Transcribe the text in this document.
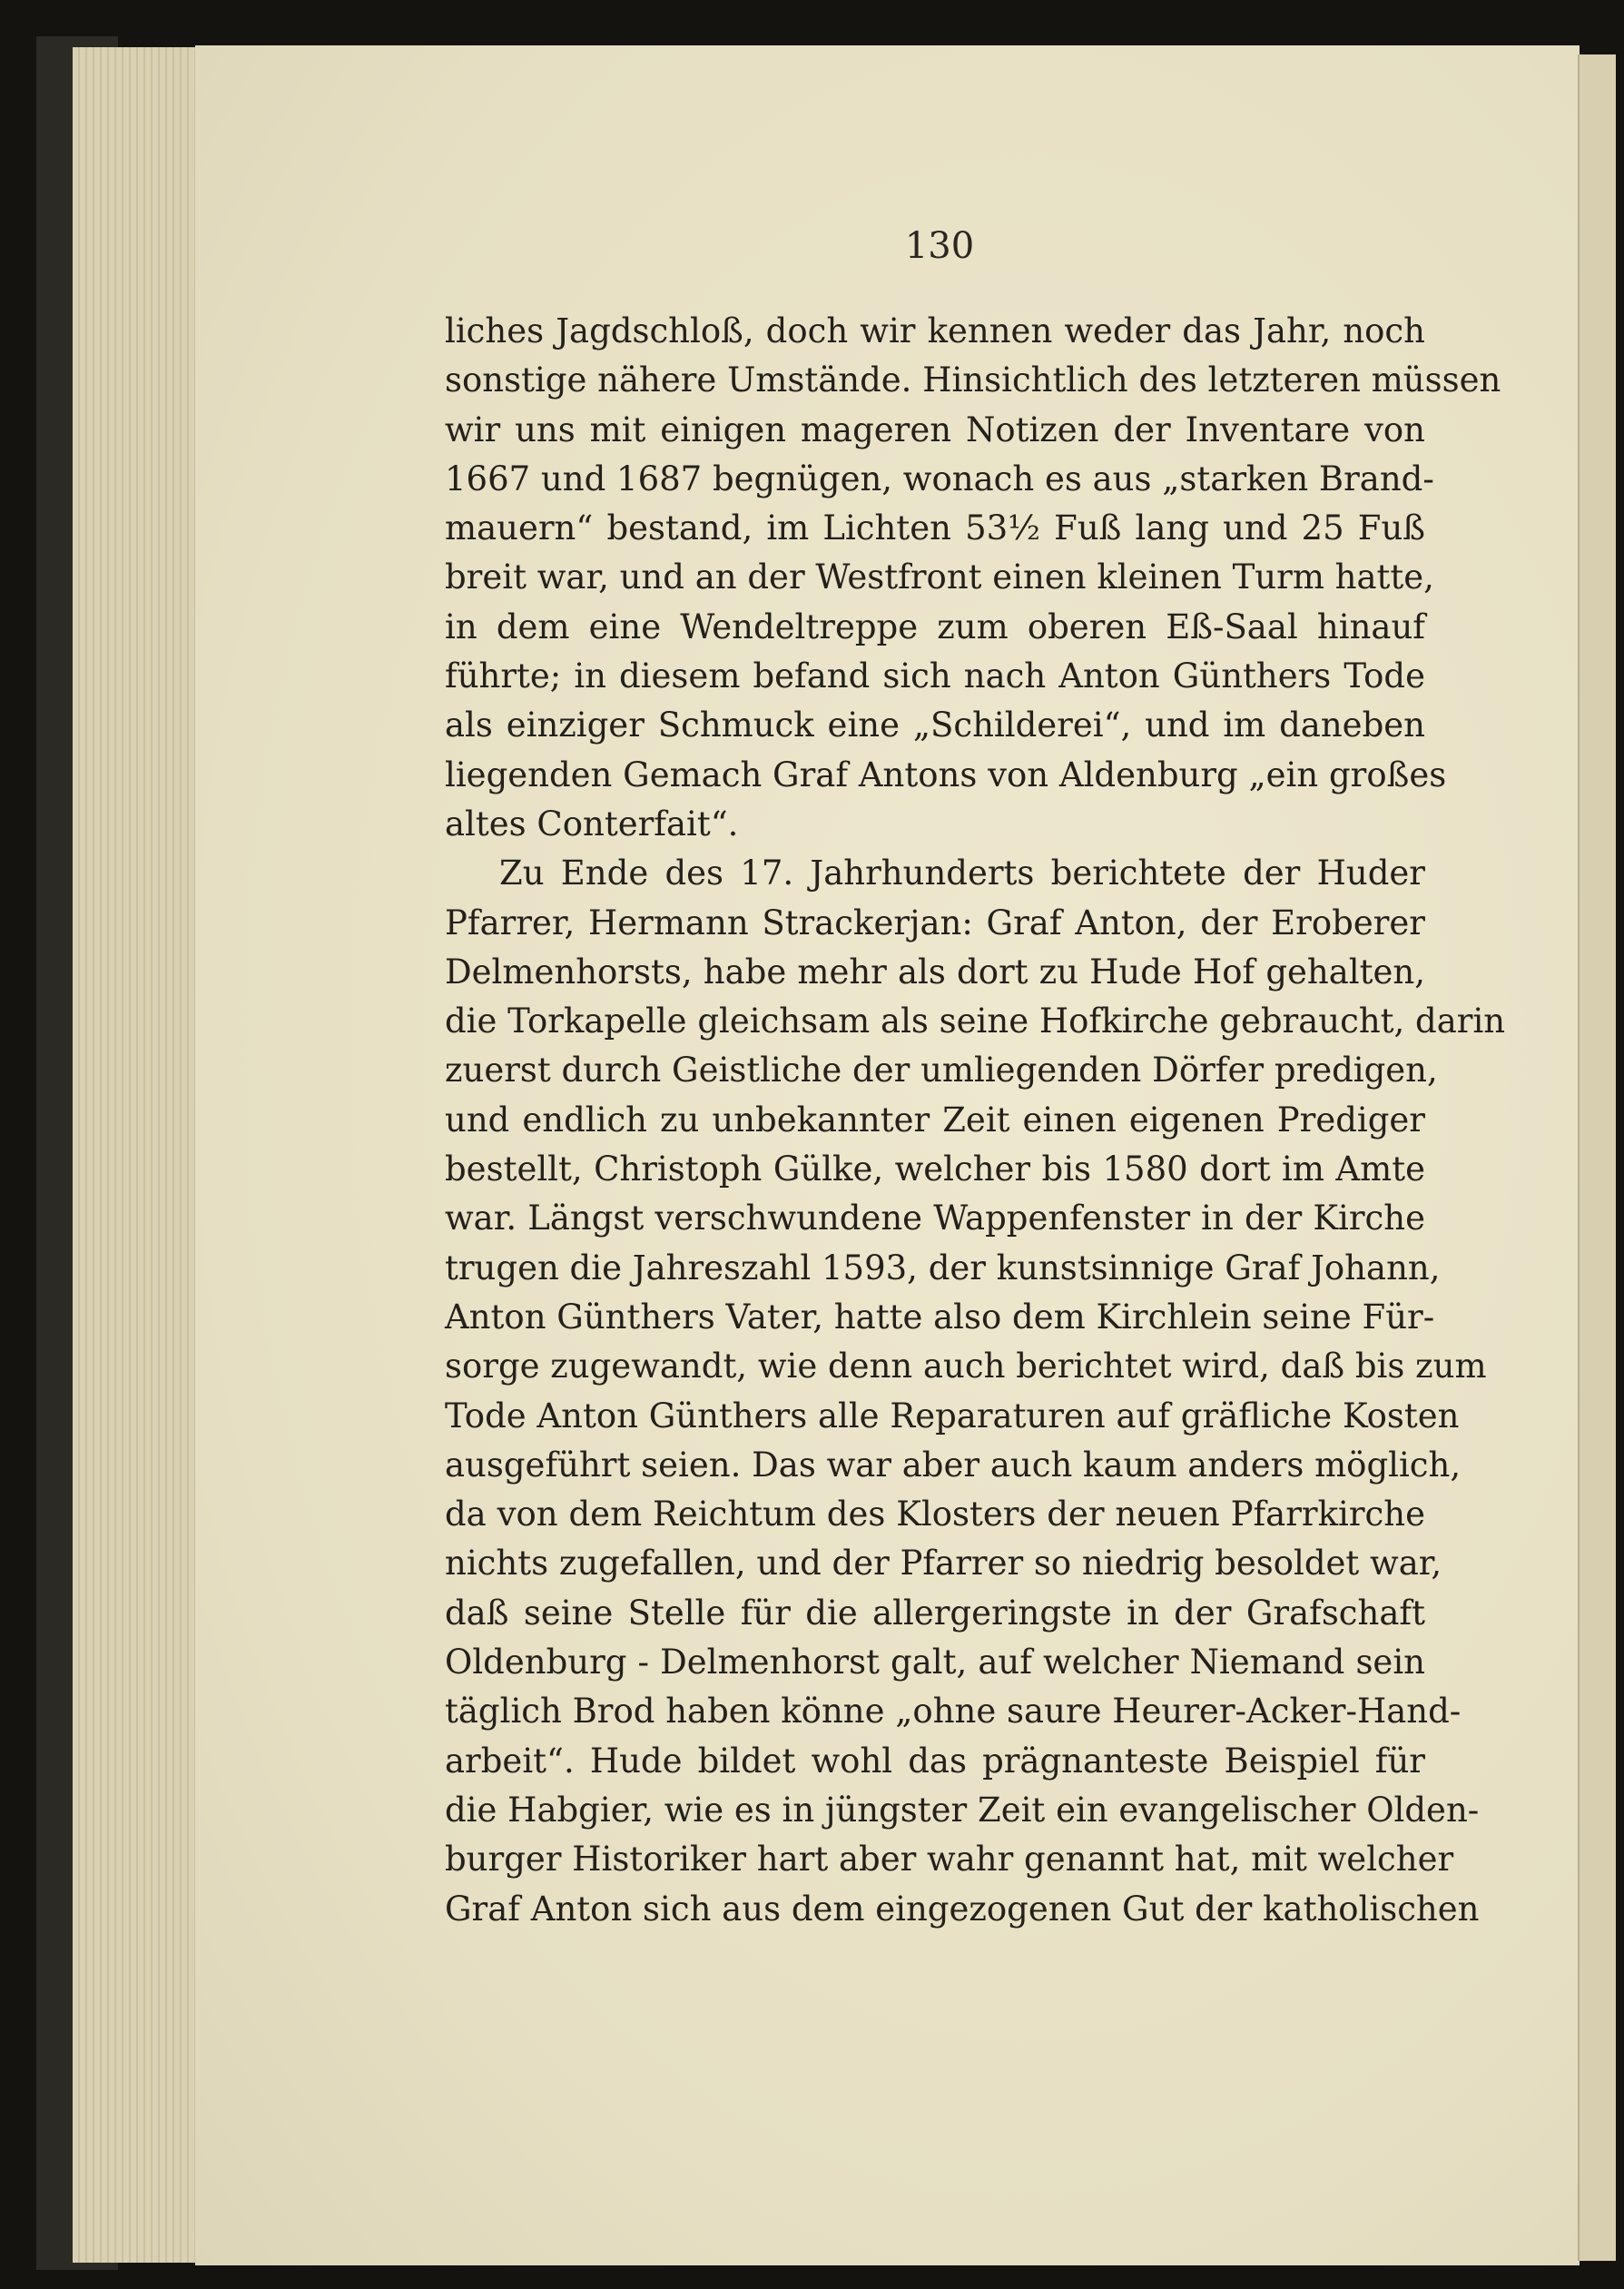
130
liches Jagdschloß, doch wir kennen weder das Jahr, noch
sonstige nähere Umstände. Hinsichtlich des letzteren müssen
wir uns mit einigen mageren Notizen der Inventare von
1667 und 1687 begnügen, wonach es aus „starken Brand-
mauern“ bestand, im Lichten 53½ Fuß lang und 25 Fuß
breit war, und an der Westfront einen kleinen Turm hatte,
in dem eine Wendeltreppe zum oberen Eß-Saal hinauf
führte; in diesem befand sich nach Anton Günthers Tode
als einziger Schmuck eine „Schilderei“, und im daneben
liegenden Gemach Graf Antons von Aldenburg „ein großes
altes Conterfait“.
Zu Ende des 17. Jahrhunderts berichtete der Huder
Pfarrer, Hermann Strackerjan: Graf Anton, der Eroberer
Delmenhorsts, habe mehr als dort zu Hude Hof gehalten,
die Torkapelle gleichsam als seine Hofkirche gebraucht, darin
zuerst durch Geistliche der umliegenden Dörfer predigen,
und endlich zu unbekannter Zeit einen eigenen Prediger
bestellt, Christoph Gülke, welcher bis 1580 dort im Amte
war. Längst verschwundene Wappenfenster in der Kirche
trugen die Jahreszahl 1593, der kunstsinnige Graf Johann,
Anton Günthers Vater, hatte also dem Kirchlein seine Für-
sorge zugewandt, wie denn auch berichtet wird, daß bis zum
Tode Anton Günthers alle Reparaturen auf gräfliche Kosten
ausgeführt seien. Das war aber auch kaum anders möglich,
da von dem Reichtum des Klosters der neuen Pfarrkirche
nichts zugefallen, und der Pfarrer so niedrig besoldet war,
daß seine Stelle für die allergeringste in der Grafschaft
Oldenburg - Delmenhorst galt, auf welcher Niemand sein
täglich Brod haben könne „ohne saure Heurer-Acker-Hand-
arbeit“. Hude bildet wohl das prägnanteste Beispiel für
die Habgier, wie es in jüngster Zeit ein evangelischer Olden-
burger Historiker hart aber wahr genannt hat, mit welcher
Graf Anton sich aus dem eingezogenen Gut der katholischen
